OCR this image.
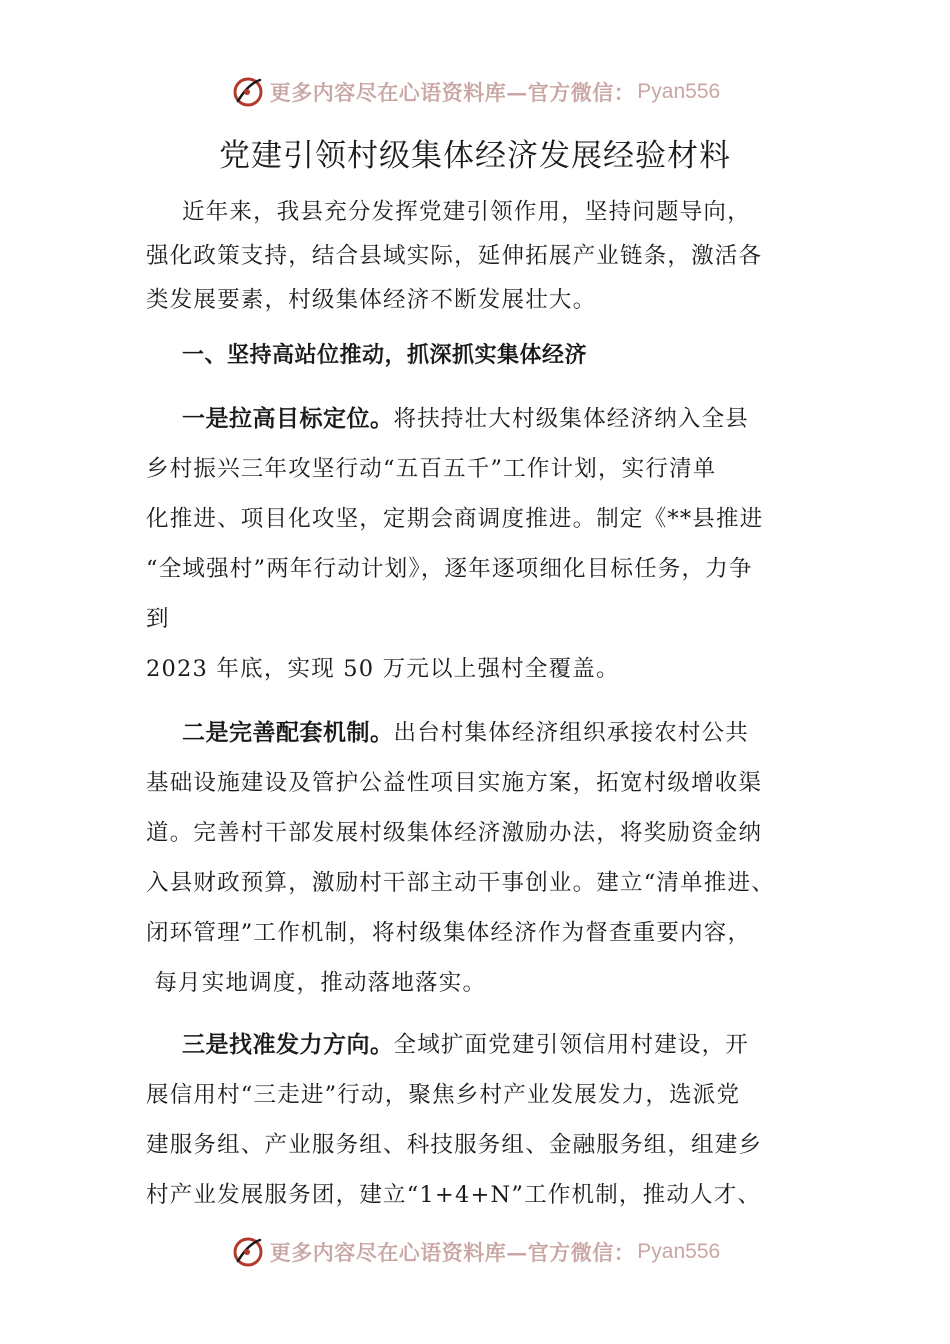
更多内容尽在心语资料库—官方微信： Pyan556
党建引领村级集体经济发展经验材料
近年来，我县充分发挥党建引领作用，坚持问题导向，
强化政策支持，结合县域实际，延伸拓展产业链条，激活各
类发展要素，村级集体经济不断发展壮大。
一、坚持高站位推动，抓深抓实集体经济
一是拉高目标定位。将扶持壮大村级集体经济纳入全县
乡村振兴三年攻坚行动“五百五千”工作计划，实行清单
化推进、项目化攻坚，定期会商调度推进。制定《**县推进
“全域强村”两年行动计划》，逐年逐项细化目标任务，力争
到
2023 年底，实现 50 万元以上强村全覆盖。
二是完善配套机制。出台村集体经济组织承接农村公共
基础设施建设及管护公益性项目实施方案，拓宽村级增收渠
道。完善村干部发展村级集体经济激励办法，将奖励资金纳
入县财政预算，激励村干部主动干事创业。建立“清单推进、
闭环管理”工作机制，将村级集体经济作为督查重要内容，
每月实地调度，推动落地落实。
三是找准发力方向。全域扩面党建引领信用村建设，开
展信用村“三走进”行动，聚焦乡村产业发展发力，选派党
建服务组、产业服务组、科技服务组、金融服务组，组建乡
村产业发展服务团，建立“1+4+N”工作机制，推动人才、
更多内容尽在心语资料库—官方微信： Pyan556
